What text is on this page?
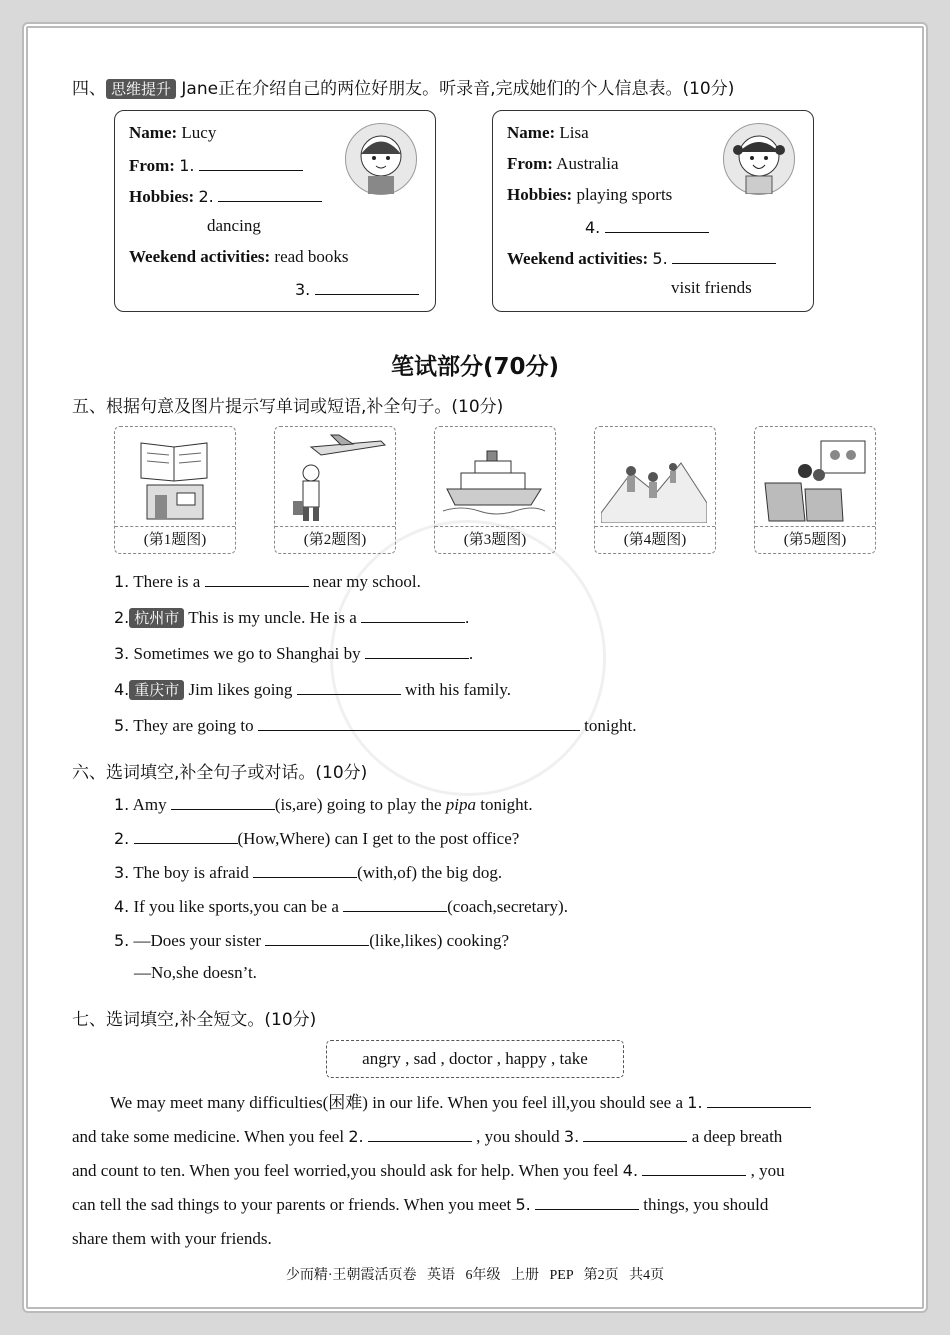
四、 思维提升 Jane正在介绍自己的两位好朋友。听录音,完成她们的个人信息表。(10分)
Name: Lucy
From: 1.
Hobbies: 2.
dancing
Weekend activities: read books
3.
Name: Lisa
From: Australia
Hobbies: playing sports
4.
Weekend activities: 5.
visit friends
笔试部分(70分)
五、根据句意及图片提示写单词或短语,补全句子。(10分)
(第1题图)	(第2题图)	(第3题图)	(第4题图)	(第5题图)
1. There is a	near my school.
2. 杭州市 This is my uncle. He is a	.
3. Sometimes we go to Shanghai by	.
4. 重庆市 Jim likes going	with his family.
5. They are going to	tonight.
六、选词填空,补全句子或对话。(10分)
1. Amy	(is,are) going to play the pipa tonight.
2.	(How,Where) can I get to the post office?
3. The boy is afraid	(with,of) the big dog.
4. If you like sports,you can be a	(coach,secretary).
5. —Does your sister	(like,likes) cooking?
—No,she doesn’t.
七、选词填空,补全短文。(10分)
angry , sad , doctor , happy , take
We may meet many difficulties(困难) in our life. When you feel ill,you should see a 1.
and take some medicine. When you feel 2.	, you should 3.	a deep breath
and count to ten. When you feel worried,you should ask for help. When you feel 4.	, you
can tell the sad things to your parents or friends. When you meet 5.	things, you should
share them with your friends.
少而精·王朝霞活页卷   英语   6年级   上册   PEP   第2页   共4页
